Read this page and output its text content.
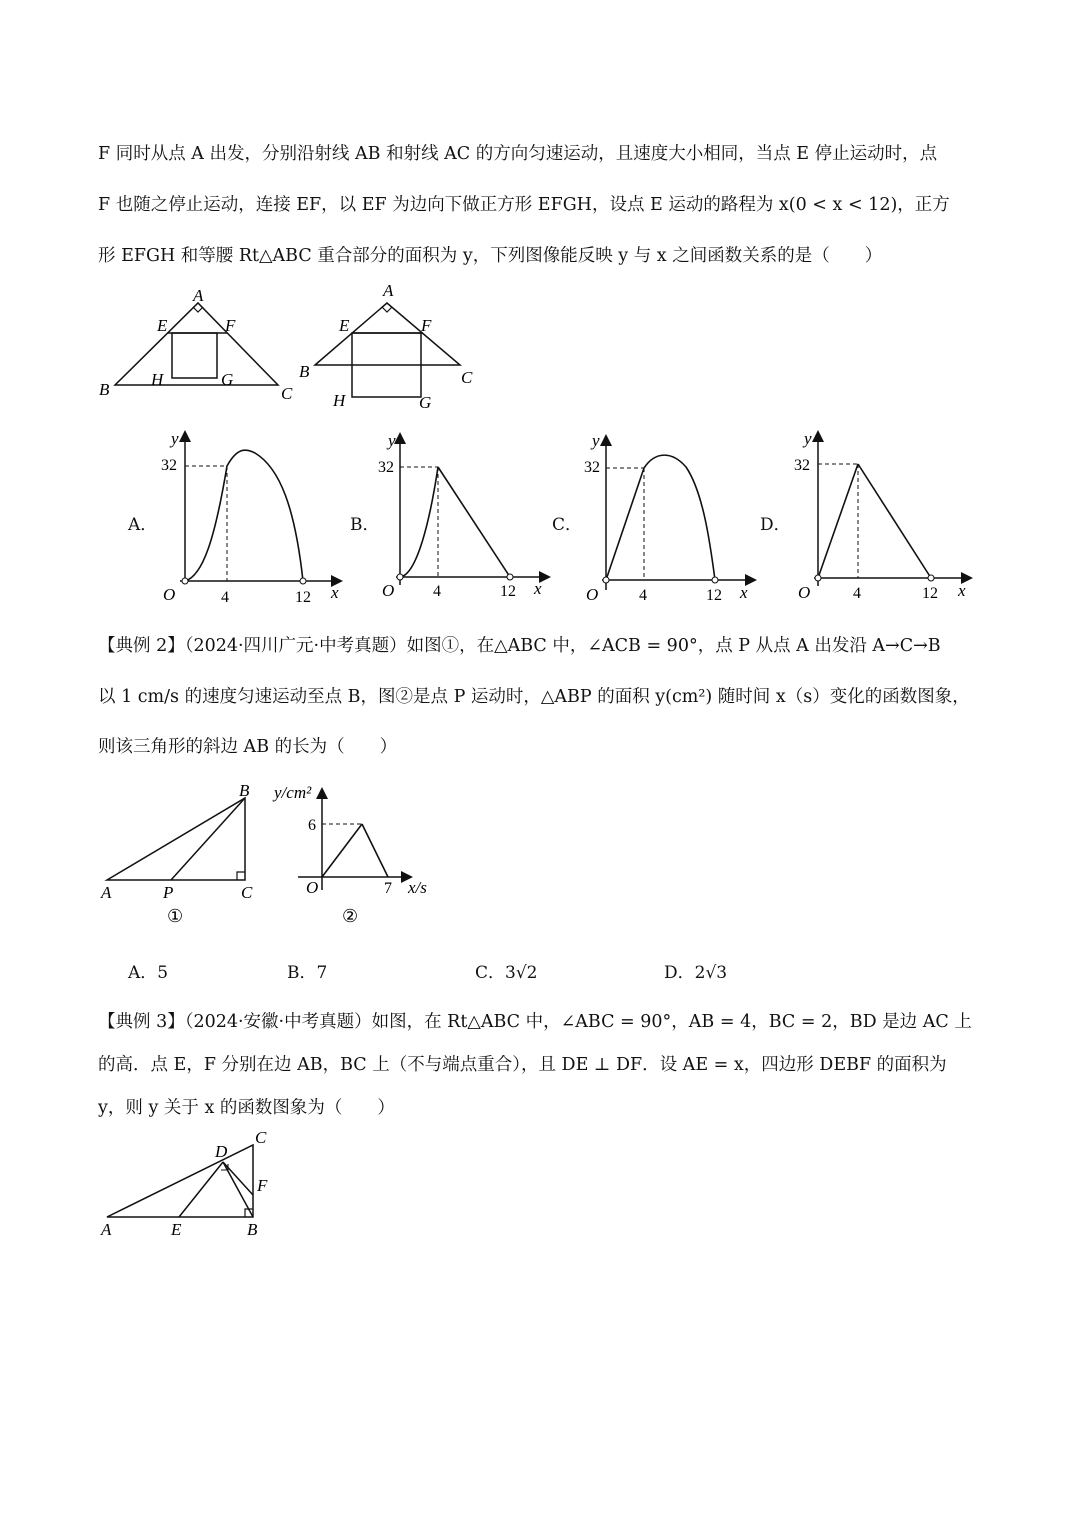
F 同时从点 A 出发，分别沿射线 AB 和射线 AC 的方向匀速运动，且速度大小相同，当点 E 停止运动时，点
F 也随之停止运动，连接 EF，以 EF 为边向下做正方形 EFGH，设点 E 运动的路程为 x(0 < x < 12)，正方
形 EFGH 和等腰 Rt△ABC 重合部分的面积为 y，下列图像能反映 y 与 x 之间函数关系的是（　　）
A
E	F
B
H	G
C
A
E	F
B	C
H	G
A．
y
32
O	4	12 x
B．
y
32
O 4	12 x
C．
y
32
O	4	12 x
D．
y
32
O	4	12 x
【典例 2】（2024·四川广元·中考真题）如图①，在△ABC 中，∠ACB = 90°，点 P 从点 A 出发沿 A→C→B
以 1 cm/s 的速度匀速运动至点 B，图②是点 P 运动时，△ABP 的面积 y(cm²) 随时间 x（s）变化的函数图象，
则该三角形的斜边 AB 的长为（　　）
B
A	P	C
①
y/cm²
6
O	7 x/s
②
A．5	B．7	C．3√2	D．2√3
【典例 3】（2024·安徽·中考真题）如图，在 Rt△ABC 中，∠ABC = 90°，AB = 4，BC = 2，BD 是边 AC 上
的高．点 E，F 分别在边 AB，BC 上（不与端点重合），且 DE ⊥ DF．设 AE = x，四边形 DEBF 的面积为
y，则 y 关于 x 的函数图象为（　　）
C
D
F
A	E	B
